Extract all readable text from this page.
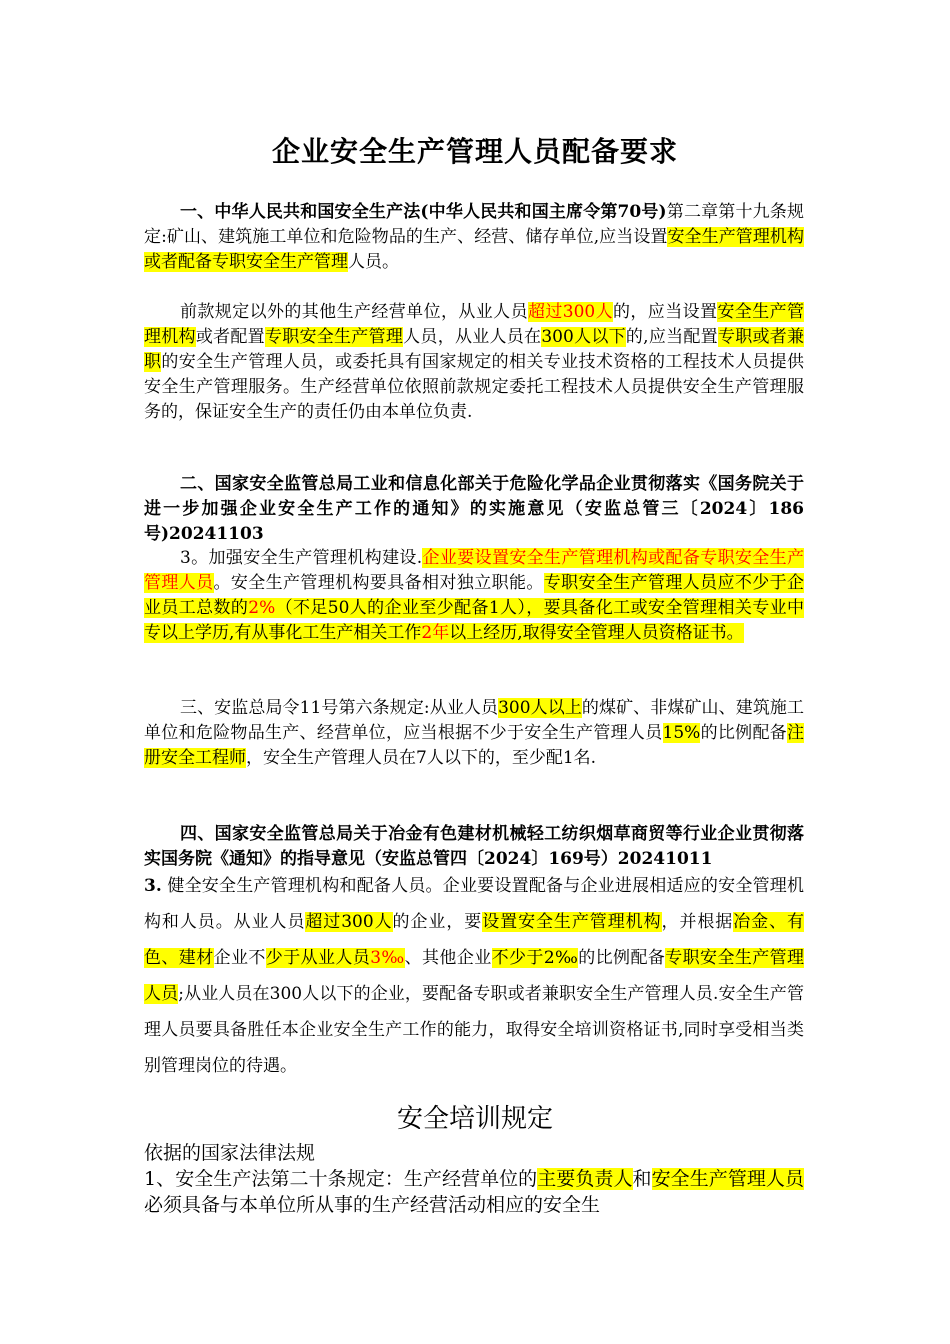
企业安全生产管理人员配备要求
一、中华人民共和国安全生产法(中华人民共和国主席令第70号)第二章第十九条规定:矿山、建筑施工单位和危险物品的生产、经营、储存单位,应当设置安全生产管理机构或者配备专职安全生产管理人员。
前款规定以外的其他生产经营单位，从业人员超过300人的，应当设置安全生产管理机构或者配置专职安全生产管理人员，从业人员在300人以下的,应当配置专职或者兼职的安全生产管理人员，或委托具有国家规定的相关专业技术资格的工程技术人员提供安全生产管理服务。生产经营单位依照前款规定委托工程技术人员提供安全生产管理服务的，保证安全生产的责任仍由本单位负责.
二、国家安全监管总局工业和信息化部关于危险化学品企业贯彻落实《国务院关于进一步加强企业安全生产工作的通知》的实施意见（安监总管三〔2024〕186号)20241103
3。加强安全生产管理机构建设.企业要设置安全生产管理机构或配备专职安全生产管理人员。安全生产管理机构要具备相对独立职能。专职安全生产管理人员应不少于企业员工总数的2%（不足50人的企业至少配备1人），要具备化工或安全管理相关专业中专以上学历,有从事化工生产相关工作2年以上经历,取得安全管理人员资格证书。
三、安监总局令11号第六条规定:从业人员300人以上的煤矿、非煤矿山、建筑施工单位和危险物品生产、经营单位，应当根据不少于安全生产管理人员15%的比例配备注册安全工程师，安全生产管理人员在7人以下的，至少配1名.
四、国家安全监管总局关于冶金有色建材机械轻工纺织烟草商贸等行业企业贯彻落实国务院《通知》的指导意见（安监总管四〔2024〕169号）20241011
3. 健全安全生产管理机构和配备人员。企业要设置配备与企业进展相适应的安全管理机构和人员。从业人员超过300人的企业，要设置安全生产管理机构，并根据冶金、有色、建材企业不少于从业人员3‰、其他企业不少于2‰的比例配备专职安全生产管理人员;从业人员在300人以下的企业，要配备专职或者兼职安全生产管理人员.安全生产管理人员要具备胜任本企业安全生产工作的能力，取得安全培训资格证书,同时享受相当类别管理岗位的待遇。
安全培训规定
依据的国家法律法规
1、安全生产法第二十条规定：生产经营单位的主要负责人和安全生产管理人员必须具备与本单位所从事的生产经营活动相应的安全生
